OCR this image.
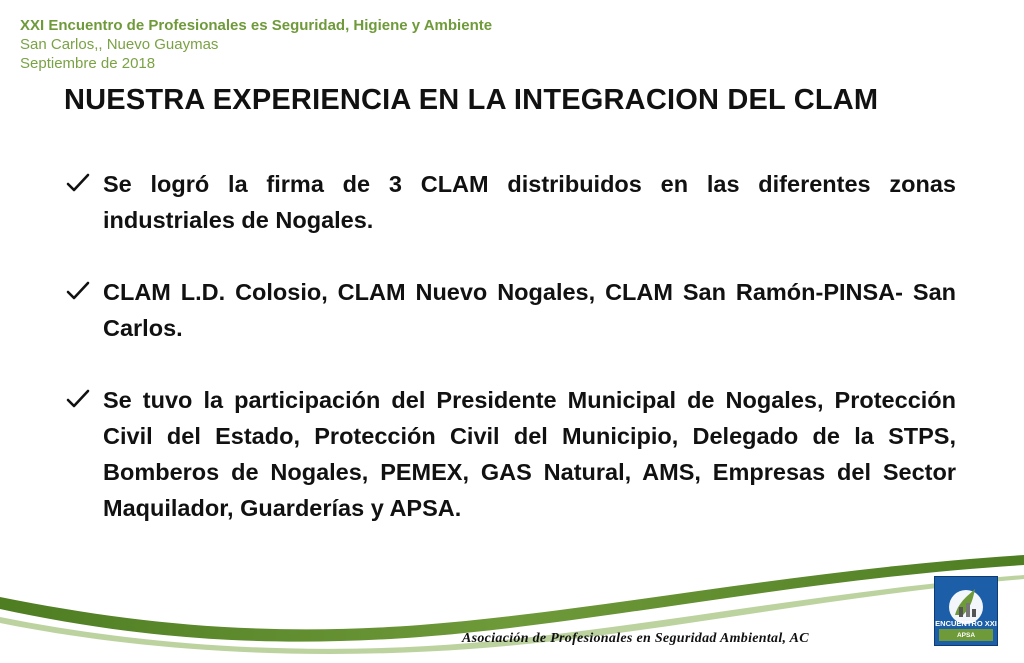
XXI Encuentro de Profesionales es Seguridad, Higiene y Ambiente
San Carlos,, Nuevo Guaymas
Septiembre de 2018
NUESTRA EXPERIENCIA EN LA INTEGRACION DEL CLAM
Se logró la firma de 3 CLAM distribuidos en las diferentes zonas industriales de Nogales.
CLAM L.D. Colosio, CLAM Nuevo Nogales, CLAM San Ramón-PINSA- San Carlos.
Se tuvo la participación del Presidente Municipal de Nogales, Protección Civil del Estado, Protección Civil del Municipio, Delegado de la STPS, Bomberos de Nogales, PEMEX, GAS Natural, AMS, Empresas del Sector Maquilador, Guarderías y APSA.
Asociación de Profesionales en Seguridad Ambiental, AC
ENCUENTRO XXI
APSA
